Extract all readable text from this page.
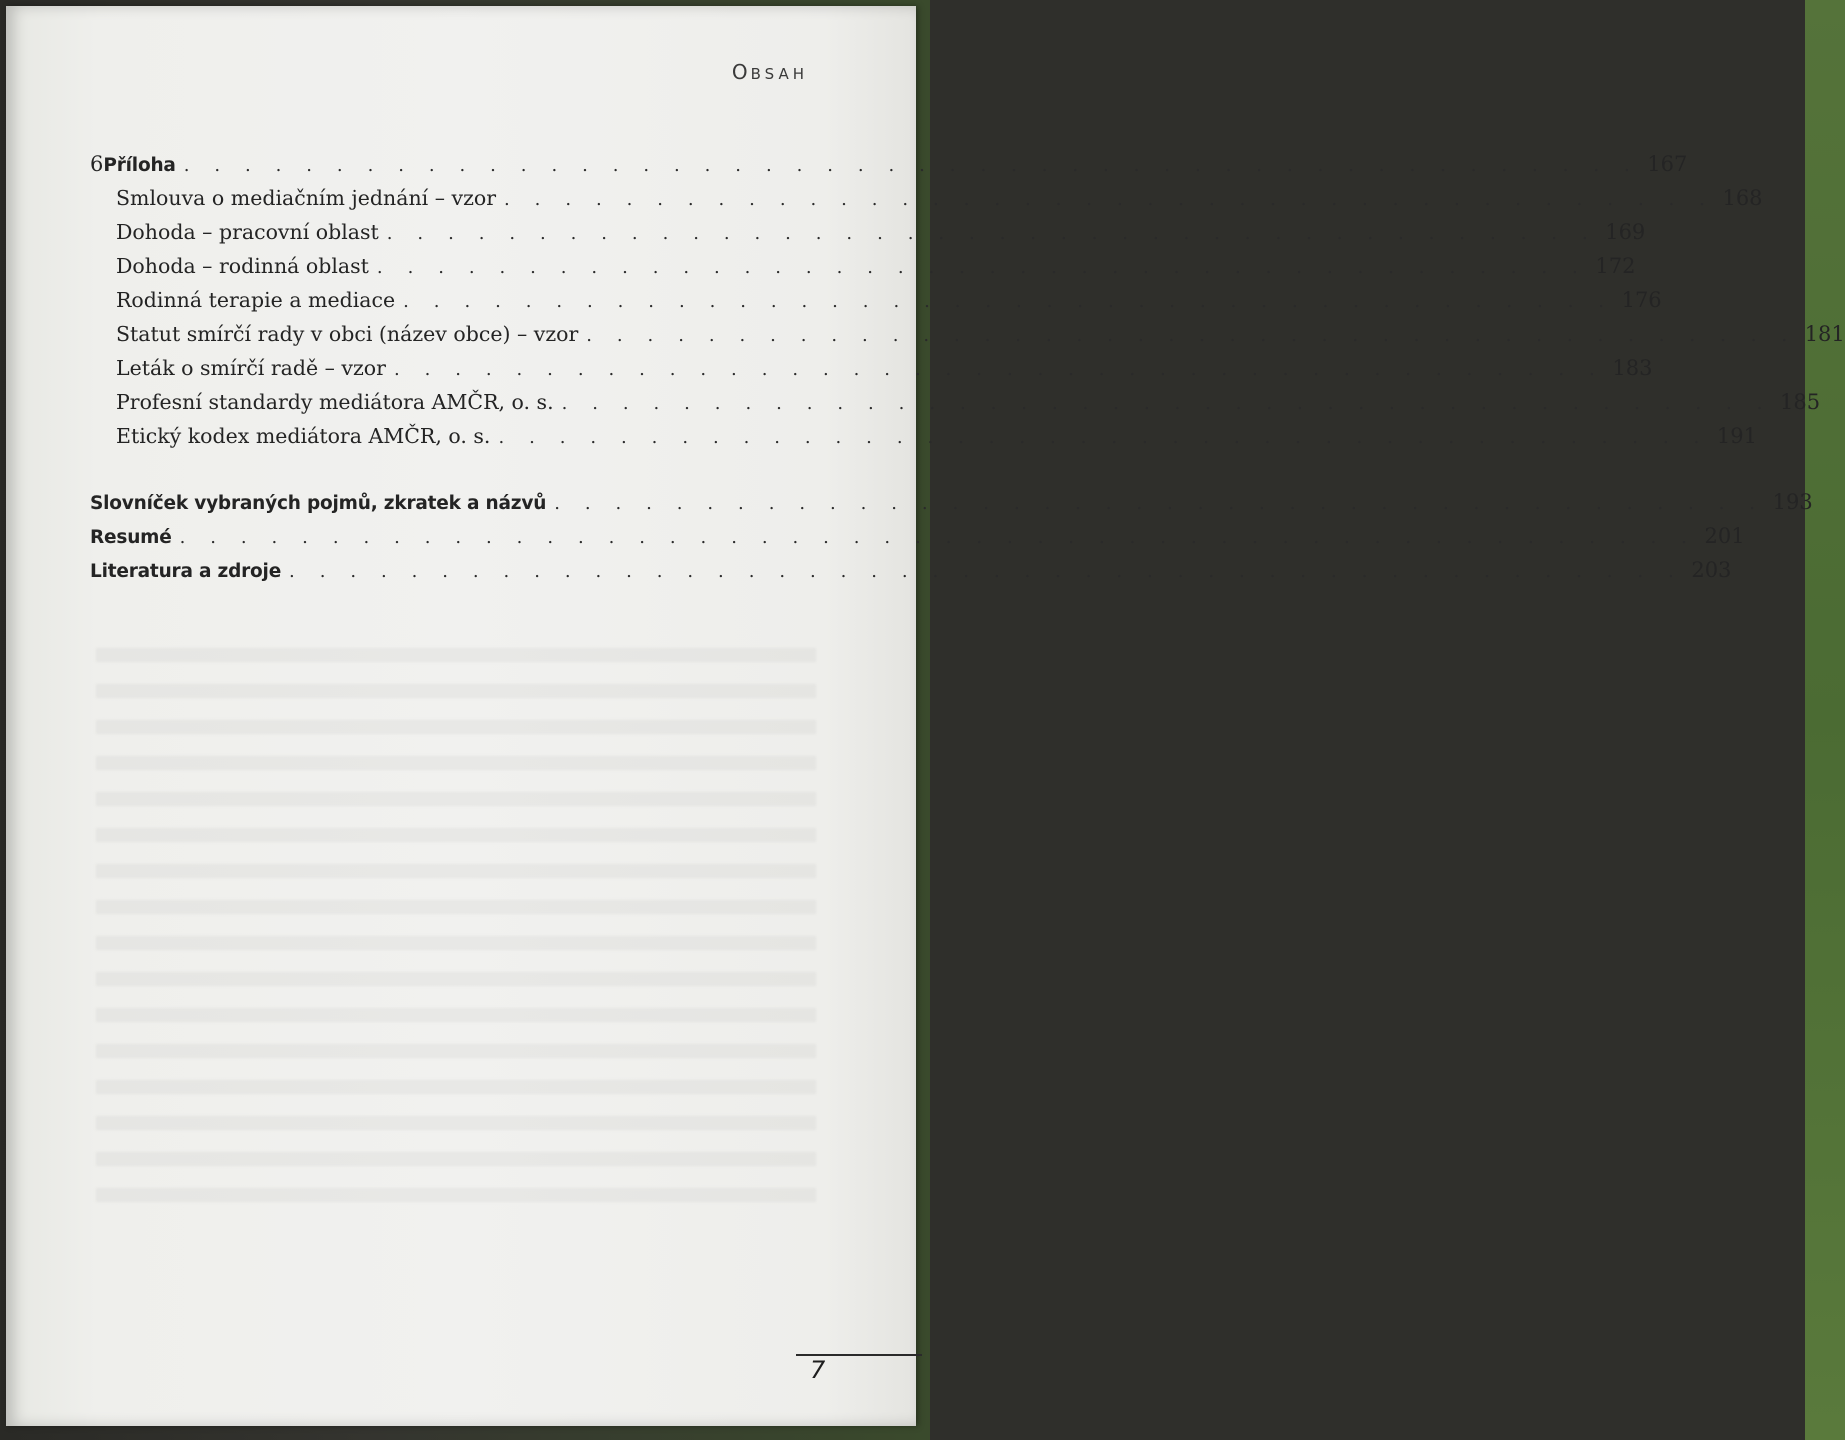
OBSAH
6 Příloha . . . . . . . . . . . . . . . . . . . . . . . . . . . . . . . . . . . . . . . . . . . . . . . . 167
Smlouva o mediačním jednání – vzor . . . . . . . . . . . . . . . . . . . . . . . . . . . . . . . . . . . . . . . . 168
Dohoda – pracovní oblast . . . . . . . . . . . . . . . . . . . . . . . . . . . . . . . . . . . . . . . . 169
Dohoda – rodinná oblast . . . . . . . . . . . . . . . . . . . . . . . . . . . . . . . . . . . . . . . . 172
Rodinná terapie a mediace . . . . . . . . . . . . . . . . . . . . . . . . . . . . . . . . . . . . . . . . 176
Statut smírčí rady v obci (název obce) – vzor . . . . . . . . . . . . . . . . . . . . . . . . . . . . . . . . . . . . . . . . 181
Leták o smírčí radě – vzor . . . . . . . . . . . . . . . . . . . . . . . . . . . . . . . . . . . . . . . . 183
Profesní standardy mediátora AMČR, o. s. . . . . . . . . . . . . . . . . . . . . . . . . . . . . . . . . . . . . . . . . 185
Etický kodex mediátora AMČR, o. s. . . . . . . . . . . . . . . . . . . . . . . . . . . . . . . . . . . . . . . . . 191
Slovníček vybraných pojmů, zkratek a názvů . . . . . . . . . . . . . . . . . . . . . . . . . . . . . . . . . . . . . . . . 193
Resumé . . . . . . . . . . . . . . . . . . . . . . . . . . . . . . . . . . . . . . . . . . . . . . . . . . 201
Literatura a zdroje . . . . . . . . . . . . . . . . . . . . . . . . . . . . . . . . . . . . . . . . . . . . . . 203
7
